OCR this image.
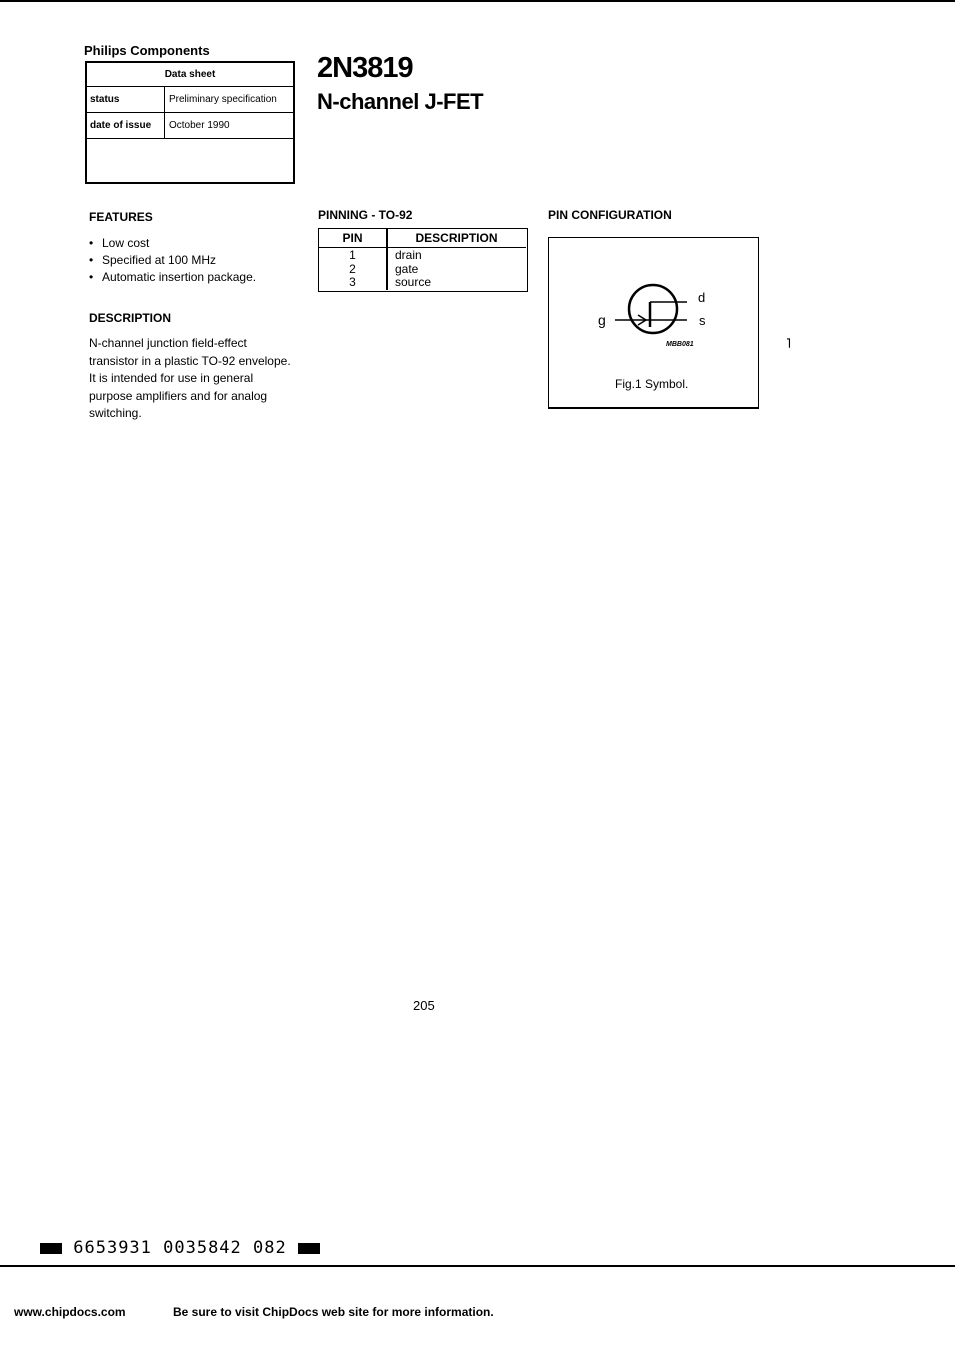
Philips Components
Data sheet
status	Preliminary specification
date of issue	October 1990
2N3819
N-channel J-FET
FEATURES
• Low cost
• Specified at 100 MHz
• Automatic insertion package.
DESCRIPTION
N-channel junction field-effect transistor in a plastic TO-92 envelope. It is intended for use in general purpose amplifiers and for analog switching.
PINNING - TO-92
PIN	DESCRIPTION
1	drain
2	gate
3	source
PIN CONFIGURATION
g
d
s
MBB081
Fig.1 Symbol.
˥
205
6653931 0035842 082
www.chipdocs.com	Be sure to visit ChipDocs web site for more information.
